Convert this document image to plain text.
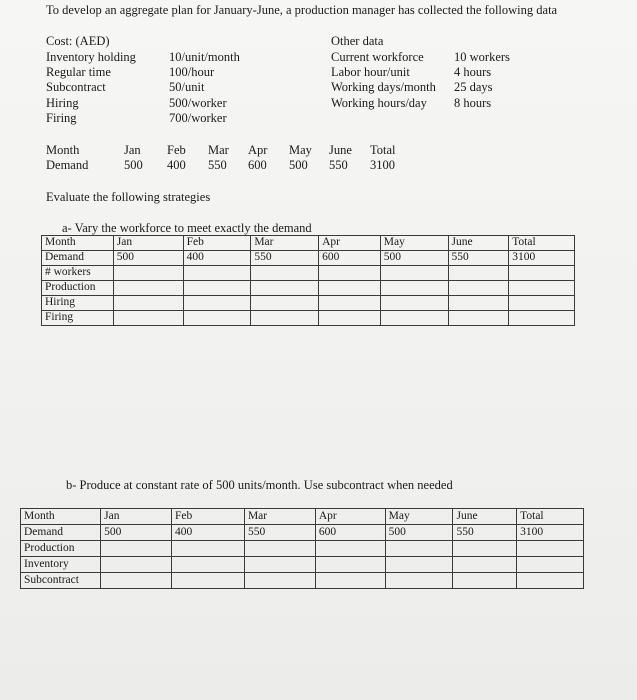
To develop an aggregate plan for January-June, a production manager has collected the following data
Cost: (AED)
Inventory holding	10/unit/month
Regular time	100/hour
Subcontract	50/unit
Hiring	500/worker
Firing	700/worker
Other data
Current workforce 10 workers
Labor hour/unit	4 hours
Working days/month 25 days
Working hours/day 8 hours
Month	Jan Feb Mar Apr May June Total
Demand	500 400 550 600 500 550 3100
Evaluate the following strategies
a- Vary the workforce to meet exactly the demand
Month	Jan	Feb	Mar	Apr	May	June	Total
Demand	500	400	550	600	500	550	3100
# workers							
Production							
Hiring							
Firing							
b- Produce at constant rate of 500 units/month. Use subcontract when needed
Month	Jan	Feb	Mar	Apr	May	June	Total
Demand	500	400	550	600	500	550	3100
Production							
Inventory							
Subcontract							
